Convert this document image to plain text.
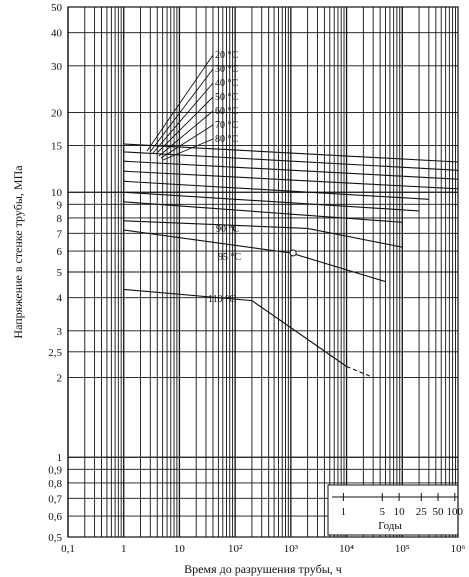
0,5
0,6
0,7
0,8
0,9
1
2
2,5
3
4
5
6
7
8
9
10
15
20
30
40
50
0,1	1	10	10²	10³	10⁴	10⁵	10⁶
20 °C
30 °C
40 °C
50 °C
60 °C
70 °C
80 °C
90 °C
95 °C
110 °C
1	5 10 25 50 100
Годы
Время до разрушения трубы, ч
Напряжение в стенке трубы, МПа
